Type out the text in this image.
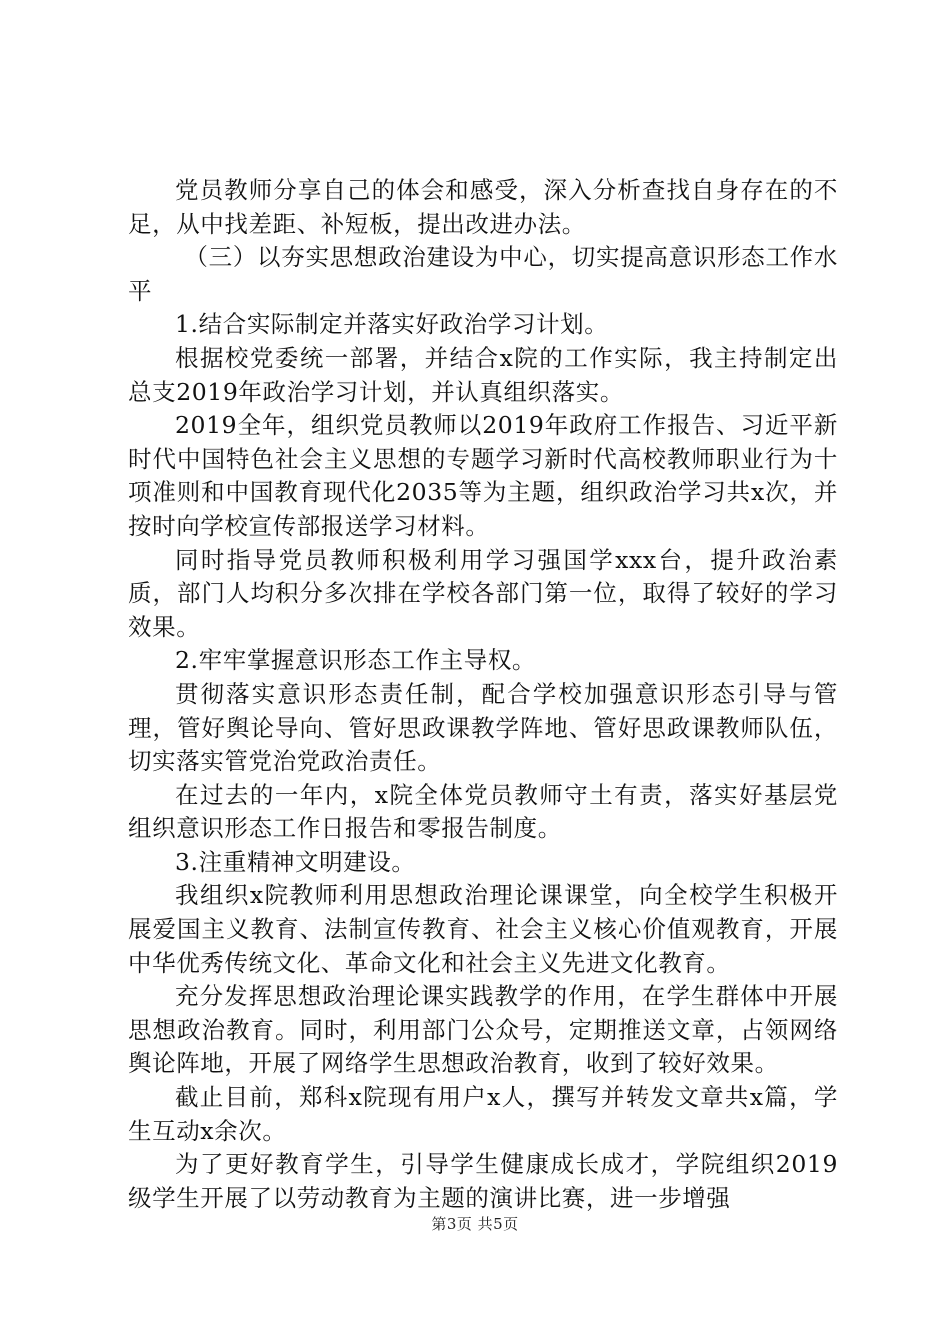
党员教师分享自己的体会和感受，深入分析查找自身存在的不足，从中找差距、补短板，提出改进办法。

（三）以夯实思想政治建设为中心，切实提高意识形态工作水平

1.结合实际制定并落实好政治学习计划。

根据校党委统一部署，并结合x院的工作实际，我主持制定出总支2019年政治学习计划，并认真组织落实。

2019全年，组织党员教师以2019年政府工作报告、习近平新时代中国特色社会主义思想的专题学习新时代高校教师职业行为十项准则和中国教育现代化2035等为主题，组织政治学习共x次，并按时向学校宣传部报送学习材料。

同时指导党员教师积极利用学习强国学xxx台，提升政治素质，部门人均积分多次排在学校各部门第一位，取得了较好的学习效果。

2.牢牢掌握意识形态工作主导权。

贯彻落实意识形态责任制，配合学校加强意识形态引导与管理，管好舆论导向、管好思政课教学阵地、管好思政课教师队伍，切实落实管党治党政治责任。

在过去的一年内，x院全体党员教师守土有责，落实好基层党组织意识形态工作日报告和零报告制度。

3.注重精神文明建设。

我组织x院教师利用思想政治理论课课堂，向全校学生积极开展爱国主义教育、法制宣传教育、社会主义核心价值观教育，开展中华优秀传统文化、革命文化和社会主义先进文化教育。

充分发挥思想政治理论课实践教学的作用，在学生群体中开展思想政治教育。同时，利用部门公众号，定期推送文章，占领网络舆论阵地，开展了网络学生思想政治教育，收到了较好效果。

截止目前，郑科x院现有用户x人，撰写并转发文章共x篇，学生互动x余次。

为了更好教育学生，引导学生健康成长成才，学院组织2019级学生开展了以劳动教育为主题的演讲比赛，进一步增强

第3页 共5页
